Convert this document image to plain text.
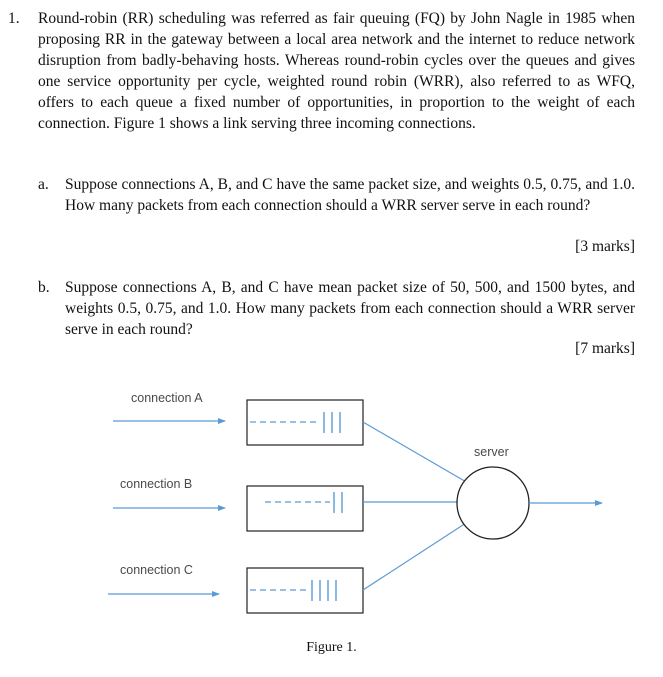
1. Round-robin (RR) scheduling was referred as fair queuing (FQ) by John Nagle in 1985 when proposing RR in the gateway between a local area network and the internet to reduce network disruption from badly-behaving hosts. Whereas round-robin cycles over the queues and gives one service opportunity per cycle, weighted round robin (WRR), also referred to as WFQ, offers to each queue a fixed number of opportunities, in proportion to the weight of each connection. Figure 1 shows a link serving three incoming connections.
a. Suppose connections A, B, and C have the same packet size, and weights 0.5, 0.75, and 1.0. How many packets from each connection should a WRR server serve in each round?
[3 marks]
b. Suppose connections A, B, and C have mean packet size of 50, 500, and 1500 bytes, and weights 0.5, 0.75, and 1.0. How many packets from each connection should a WRR server serve in each round?
[7 marks]
connection A
connection B
connection C
server
Figure 1.
